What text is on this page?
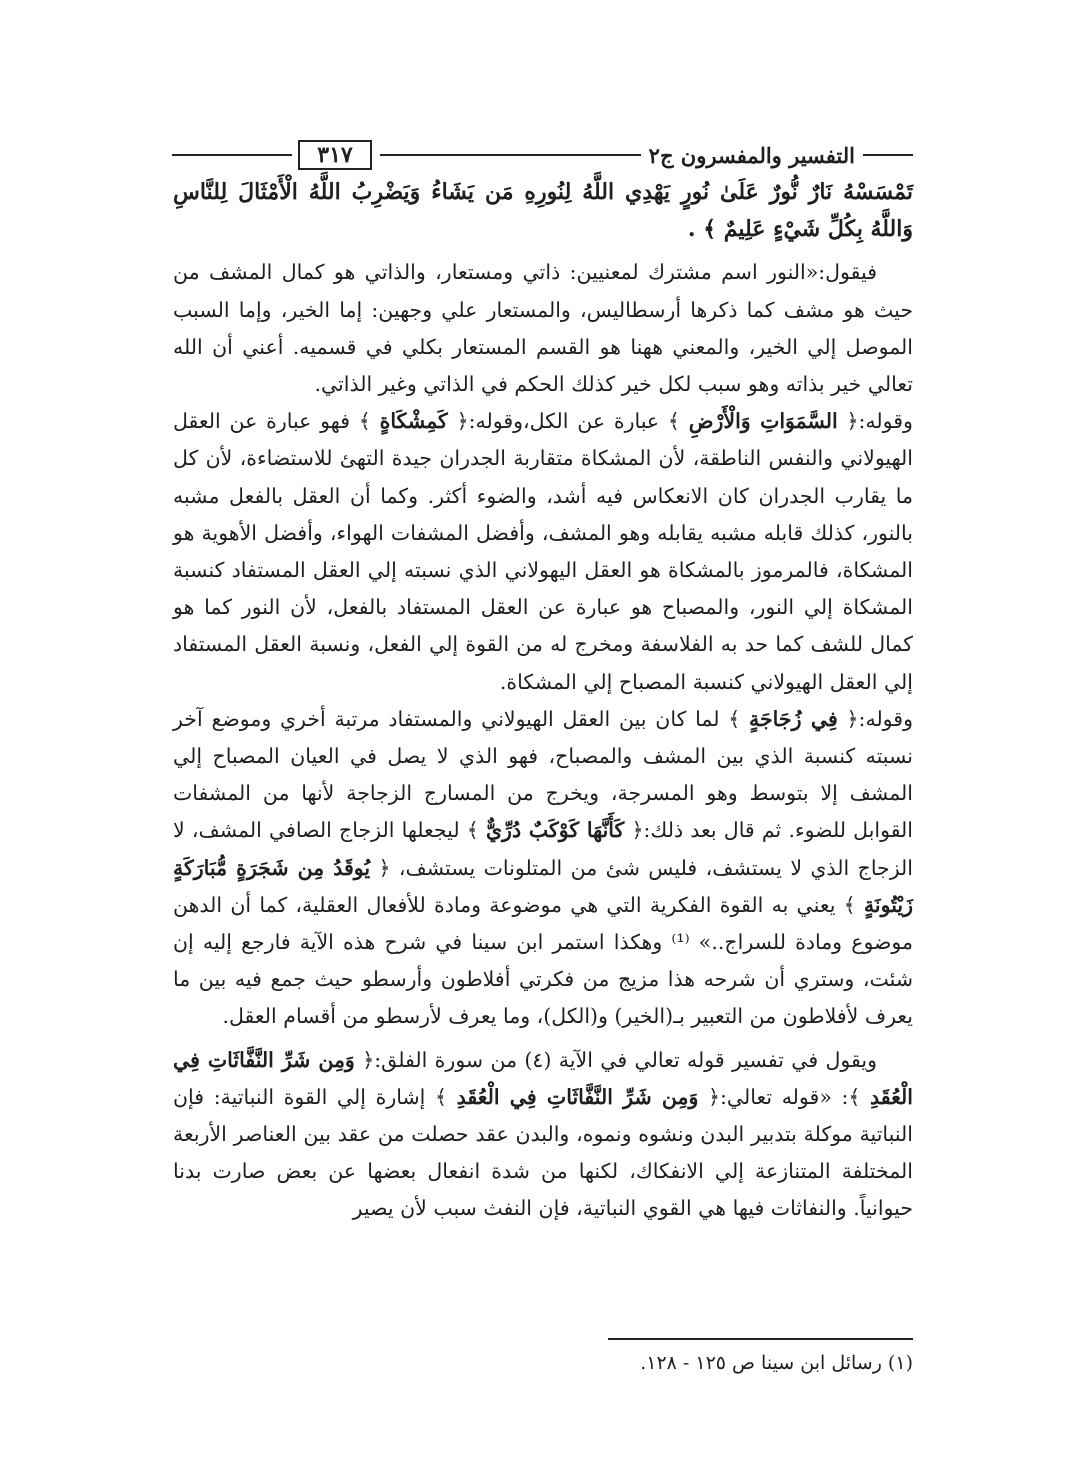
التفسير والمفسرون ج٢
٣١٧

تَمْسَسْهُ نَارٌ نُّورٌ عَلَىٰ نُورٍ يَهْدِي اللَّهُ لِنُورِهِ مَن يَشَاءُ وَيَضْرِبُ اللَّهُ الْأَمْثَالَ لِلنَّاسِ وَاللَّهُ بِكُلِّ شَيْءٍ عَلِيمٌ ﴾ .

فيقول:«النور اسم مشترك لمعنيين: ذاتي ومستعار، والذاتي هو كمال المشف من حيث هو مشف كما ذكرها أرسطاليس، والمستعار علي وجهين: إما الخير، وإما السبب الموصل إلي الخير، والمعني ههنا هو القسم المستعار بكلي في قسميه. أعني أن الله تعالي خير بذاته وهو سبب لكل خير كذلك الحكم في الذاتي وغير الذاتي.

وقوله:﴿ السَّمَوَاتِ وَالْأَرْضِ ﴾ عبارة عن الكل،وقوله:﴿ كَمِشْكَاةٍ ﴾ فهو عبارة عن العقل الهيولاني والنفس الناطقة، لأن المشكاة متقاربة الجدران جيدة التهئ للاستضاءة، لأن كل ما يقارب الجدران كان الانعكاس فيه أشد، والضوء أكثر. وكما أن العقل بالفعل مشبه بالنور، كذلك قابله مشبه يقابله وهو المشف، وأفضل المشفات الهواء، وأفضل الأهوية هو المشكاة، فالمرموز بالمشكاة هو العقل اليهولاني الذي نسبته إلي العقل المستفاد كنسبة المشكاة إلي النور، والمصباح هو عبارة عن العقل المستفاد بالفعل، لأن النور كما هو كمال للشف كما حد به الفلاسفة ومخرج له من القوة إلي الفعل، ونسبة العقل المستفاد إلي العقل الهيولاني كنسبة المصباح إلي المشكاة.

وقوله:﴿ فِي زُجَاجَةٍ ﴾ لما كان بين العقل الهيولاني والمستفاد مرتبة أخري وموضع آخر نسبته كنسبة الذي بين المشف والمصباح، فهو الذي لا يصل في العيان المصباح إلي المشف إلا بتوسط وهو المسرجة، ويخرج من المسارج الزجاجة لأنها من المشفات القوابل للضوء. ثم قال بعد ذلك:﴿ كَأَنَّهَا كَوْكَبٌ دُرِّيٌّ ﴾ ليجعلها الزجاج الصافي المشف، لا الزجاج الذي لا يستشف، فليس شئ من المتلونات يستشف، ﴿ يُوقَدُ مِن شَجَرَةٍ مُّبَارَكَةٍ زَيْتُونَةٍ ﴾ يعني به القوة الفكرية التي هي موضوعة ومادة للأفعال العقلية، كما أن الدهن موضوع ومادة للسراج..» ⁽¹⁾ وهكذا استمر ابن سينا في شرح هذه الآية فارجع إليه إن شئت، وستري أن شرحه هذا مزيج من فكرتي أفلاطون وأرسطو حيث جمع فيه بين ما يعرف لأفلاطون من التعبير بـ(الخير) و(الكل)، وما يعرف لأرسطو من أقسام العقل.

ويقول في تفسير قوله تعالي في الآية (٤) من سورة الفلق:﴿ وَمِن شَرِّ النَّفَّاثَاتِ فِي الْعُقَدِ ﴾: «قوله تعالي:﴿ وَمِن شَرِّ النَّفَّاثَاتِ فِي الْعُقَدِ ﴾ إشارة إلي القوة النباتية: فإن النباتية موكلة بتدبير البدن ونشوه ونموه، والبدن عقد حصلت من عقد بين العناصر الأربعة المختلفة المتنازعة إلي الانفكاك، لكنها من شدة انفعال بعضها عن بعض صارت بدنا حيوانياً. والنفاثات فيها هي القوي النباتية، فإن النفث سبب لأن يصير

(١) رسائل ابن سينا ص ١٢٥ - ١٢٨.
